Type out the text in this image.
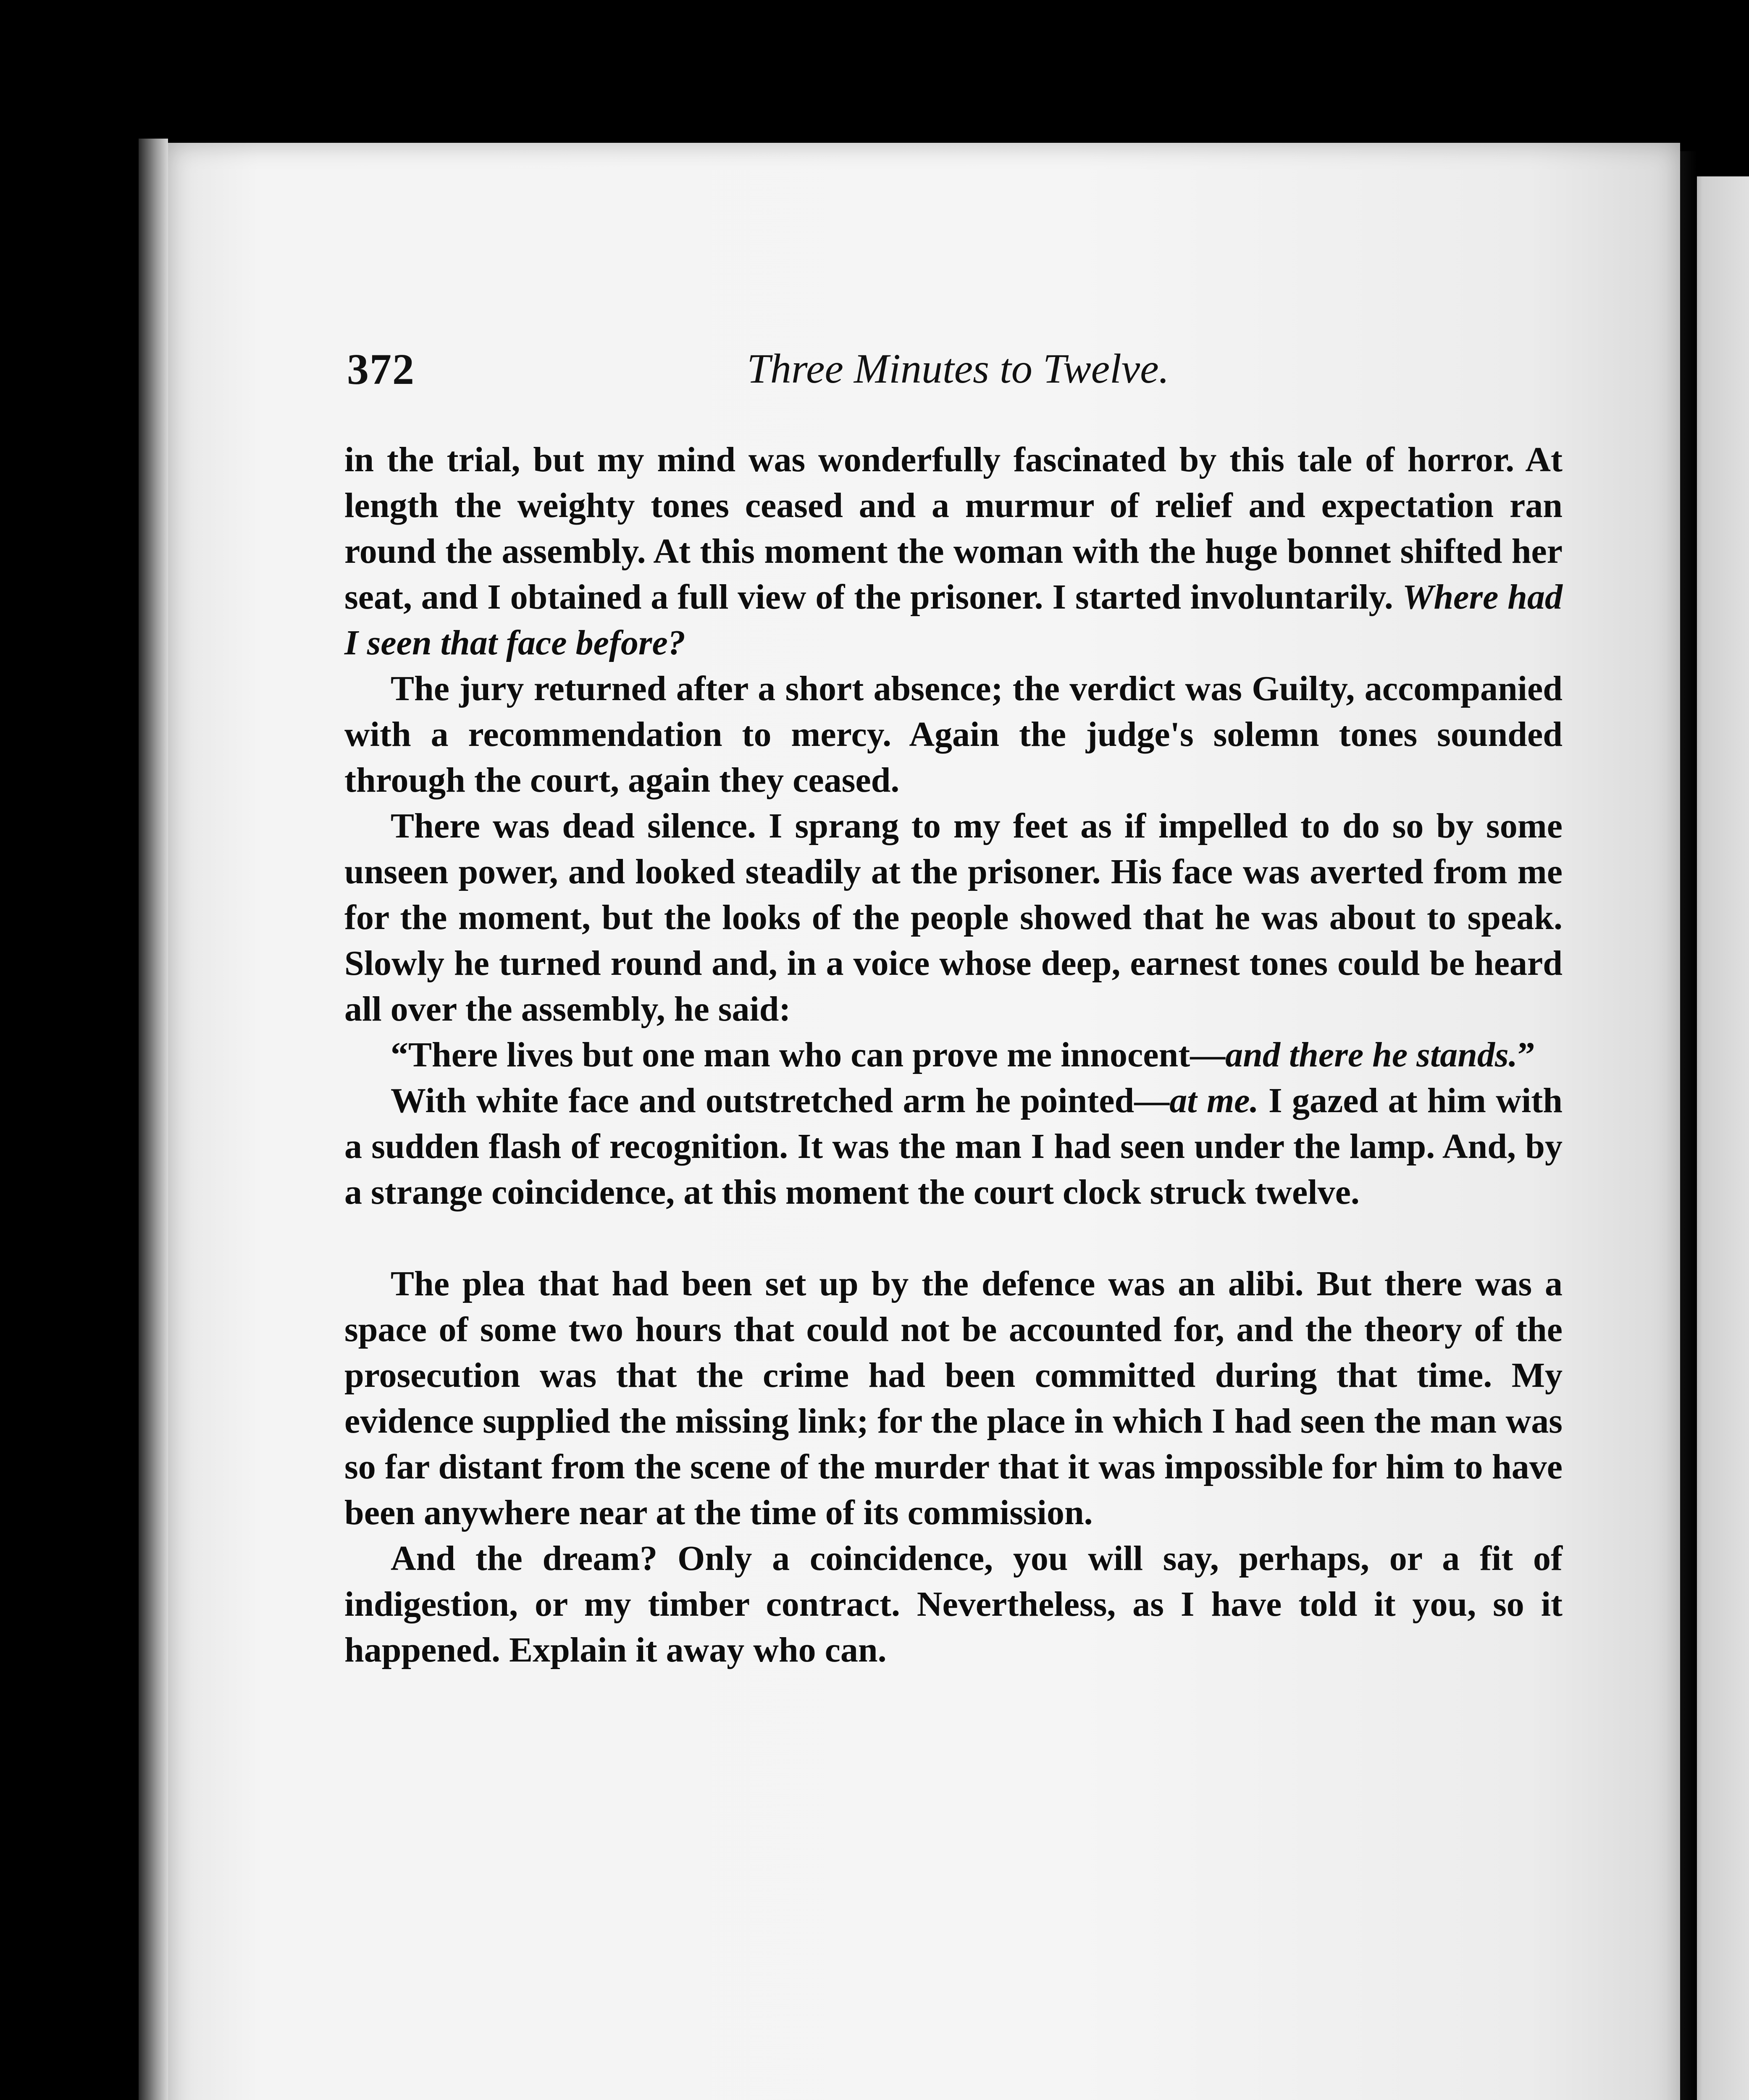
372	Three Minutes to Twelve.

in the trial, but my mind was wonderfully fascinated by this tale of horror. At length the weighty tones ceased and a murmur of relief and expectation ran round the assembly. At this moment the woman with the huge bonnet shifted her seat, and I obtained a full view of the prisoner. I started involuntarily. Where had I seen that face before?

The jury returned after a short absence; the verdict was Guilty, accompanied with a recommendation to mercy. Again the judge's solemn tones sounded through the court, again they ceased.

There was dead silence. I sprang to my feet as if impelled to do so by some unseen power, and looked steadily at the prisoner. His face was averted from me for the moment, but the looks of the people showed that he was about to speak. Slowly he turned round and, in a voice whose deep, earnest tones could be heard all over the assembly, he said:

“There lives but one man who can prove me innocent—and there he stands.”

With white face and outstretched arm he pointed—at me. I gazed at him with a sudden flash of recognition. It was the man I had seen under the lamp. And, by a strange coincidence, at this moment the court clock struck twelve.

The plea that had been set up by the defence was an alibi. But there was a space of some two hours that could not be accounted for, and the theory of the prosecution was that the crime had been committed during that time. My evidence supplied the missing link; for the place in which I had seen the man was so far distant from the scene of the murder that it was impossible for him to have been anywhere near at the time of its commission.

And the dream? Only a coincidence, you will say, perhaps, or a fit of indigestion, or my timber contract. Nevertheless, as I have told it you, so it happened. Explain it away who can.
